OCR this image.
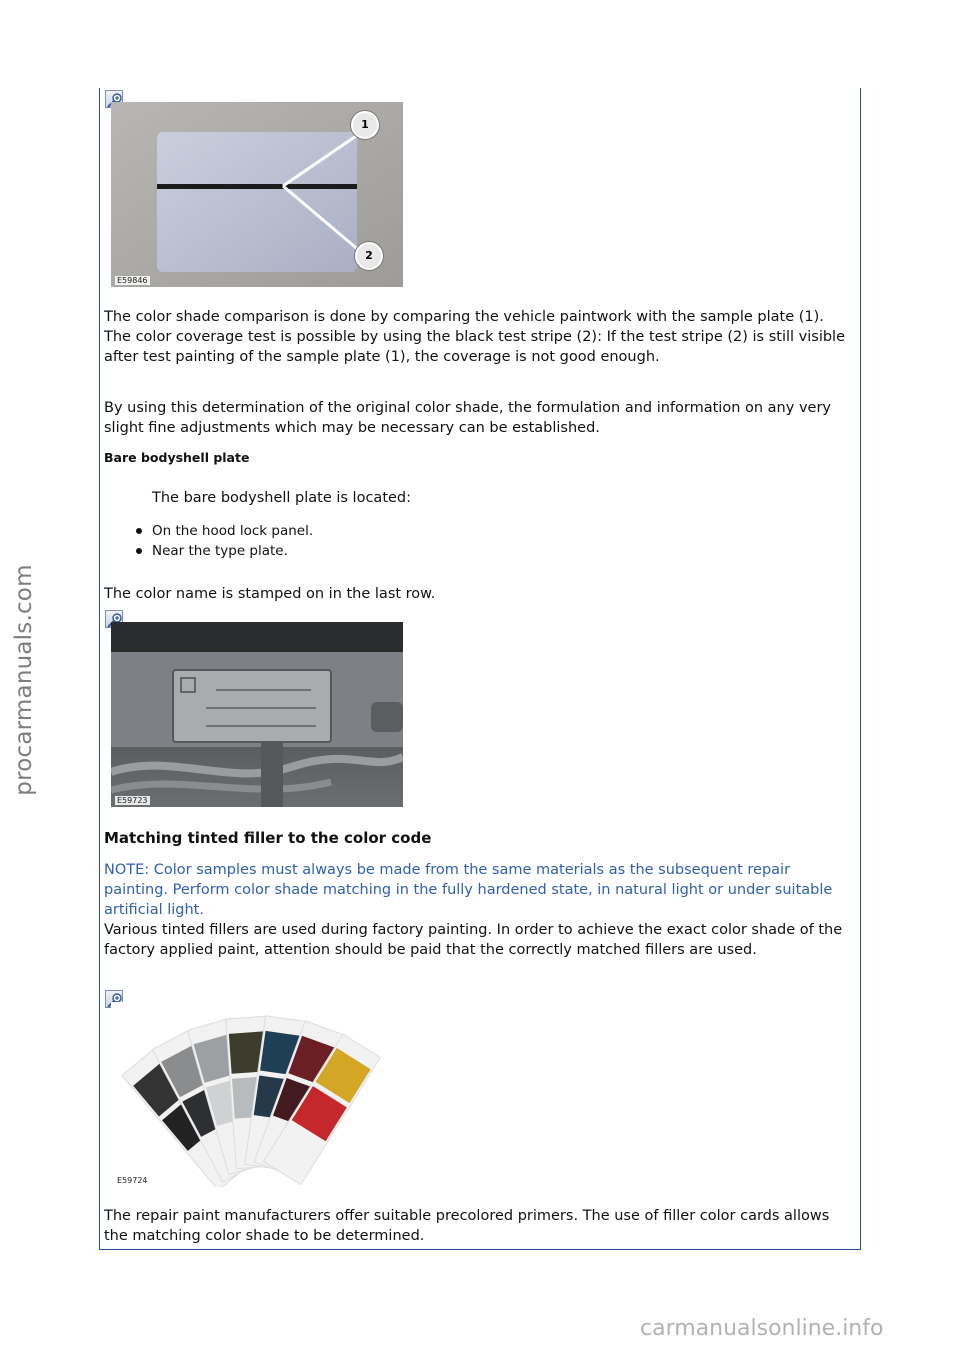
procarmanuals.com
1
2
E59846

The color shade comparison is done by comparing the vehicle paintwork with the sample plate (1). The color coverage test is possible by using the black test stripe (2): If the test stripe (2) is still visible after test painting of the sample plate (1), the coverage is not good enough.

By using this determination of the original color shade, the formulation and information on any very slight fine adjustments which may be necessary can be established.

Bare bodyshell plate
The bare bodyshell plate is located:
On the hood lock panel.
Near the type plate.

The color name is stamped on in the last row.

E59723
Matching tinted filler to the color code

NOTE: Color samples must always be made from the same materials as the subsequent repair painting. Perform color shade matching in the fully hardened state, in natural light or under suitable artificial light.

Various tinted fillers are used during factory painting. In order to achieve the exact color shade of the factory applied paint, attention should be paid that the correctly matched fillers are used.

E59724

The repair paint manufacturers offer suitable precolored primers. The use of filler color cards allows the matching color shade to be determined.

carmanualsonline.info
